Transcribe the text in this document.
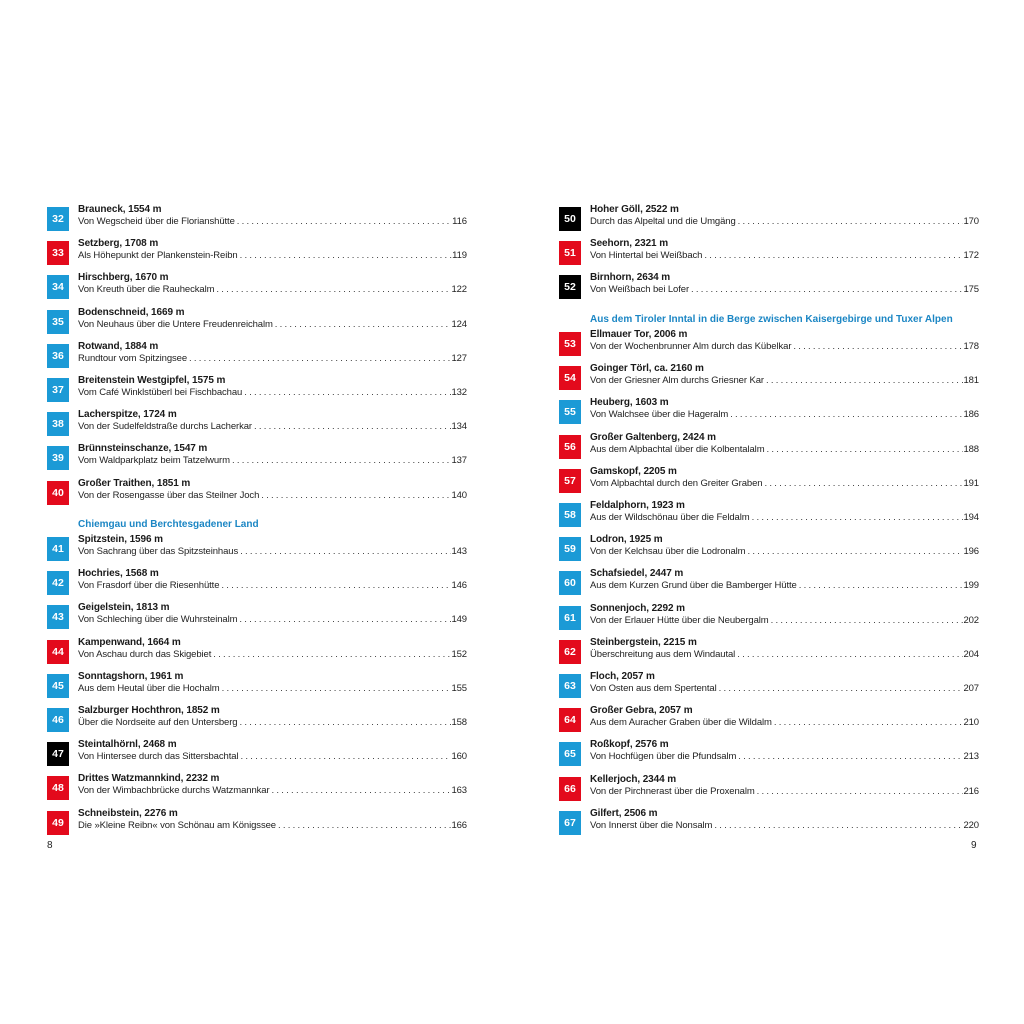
32
Brauneck, 1554 m
Von Wegscheid über die Florianshütte . . .	116
33
Setzberg, 1708 m
Als Höhepunkt der Plankenstein-Reibn . . .	119
34
Hirschberg, 1670 m
Von Kreuth über die Rauheckalm . . .	122
35
Bodenschneid, 1669 m
Von Neuhaus über die Untere Freudenreichalm . . .	124
36
Rotwand, 1884 m
Rundtour vom Spitzingsee . . .	127
37
Breitenstein Westgipfel, 1575 m
Vom Café Winklstüberl bei Fischbachau . . .	132
38
Lacherspitze, 1724 m
Von der Sudelfeldstraße durchs Lacherkar . . .	134
39
Brünnsteinschanze, 1547 m
Vom Waldparkplatz beim Tatzelwurm . . .	137
40
Großer Traithen, 1851 m
Von der Rosengasse über das Steilner Joch . . .	140
Chiemgau und Berchtesgadener Land
41
Spitzstein, 1596 m
Von Sachrang über das Spitzsteinhaus . . .	143
42
Hochries, 1568 m
Von Frasdorf über die Riesenhütte . . .	146
43
Geigelstein, 1813 m
Von Schleching über die Wuhrsteinalm . . .	149
44
Kampenwand, 1664 m
Von Aschau durch das Skigebiet . . .	152
45
Sonntagshorn, 1961 m
Aus dem Heutal über die Hochalm . . .	155
46
Salzburger Hochthron, 1852 m
Über die Nordseite auf den Untersberg . . .	158
47
Steintalhörnl, 2468 m
Von Hintersee durch das Sittersbachtal . . .	160
48
Drittes Watzmannkind, 2232 m
Von der Wimbachbrücke durchs Watzmannkar . . .	163
49
Schneibstein, 2276 m
Die »Kleine Reibn« von Schönau am Königssee . . .	166
8
50
Hoher Göll, 2522 m
Durch das Alpeltal und die Umgäng . . .	170
51
Seehorn, 2321 m
Von Hintertal bei Weißbach . . .	172
52
Birnhorn, 2634 m
Von Weißbach bei Lofer . . .	175
Aus dem Tiroler Inntal in die Berge zwischen Kaisergebirge und Tuxer Alpen
53
Ellmauer Tor, 2006 m
Von der Wochenbrunner Alm durch das Kübelkar . . .	178
54
Goinger Törl, ca. 2160 m
Von der Griesner Alm durchs Griesner Kar . . .	181
55
Heuberg, 1603 m
Von Walchsee über die Hageralm . . .	186
56
Großer Galtenberg, 2424 m
Aus dem Alpbachtal über die Kolbentalalm . . .	188
57
Gamskopf, 2205 m
Vom Alpbachtal durch den Greiter Graben . . .	191
58
Feldalphorn, 1923 m
Aus der Wildschönau über die Feldalm . . .	194
59
Lodron, 1925 m
Von der Kelchsau über die Lodronalm . . .	196
60
Schafsiedel, 2447 m
Aus dem Kurzen Grund über die Bamberger Hütte . . .	199
61
Sonnenjoch, 2292 m
Von der Erlauer Hütte über die Neubergalm . . .	202
62
Steinbergstein, 2215 m
Überschreitung aus dem Windautal . . .	204
63
Floch, 2057 m
Von Osten aus dem Spertental . . .	207
64
Großer Gebra, 2057 m
Aus dem Auracher Graben über die Wildalm . . .	210
65
Roßkopf, 2576 m
Von Hochfügen über die Pfundsalm . . .	213
66
Kellerjoch, 2344 m
Von der Pirchnerast über die Proxenalm . . .	216
67
Gilfert, 2506 m
Von Innerst über die Nonsalm . . .	220
9
